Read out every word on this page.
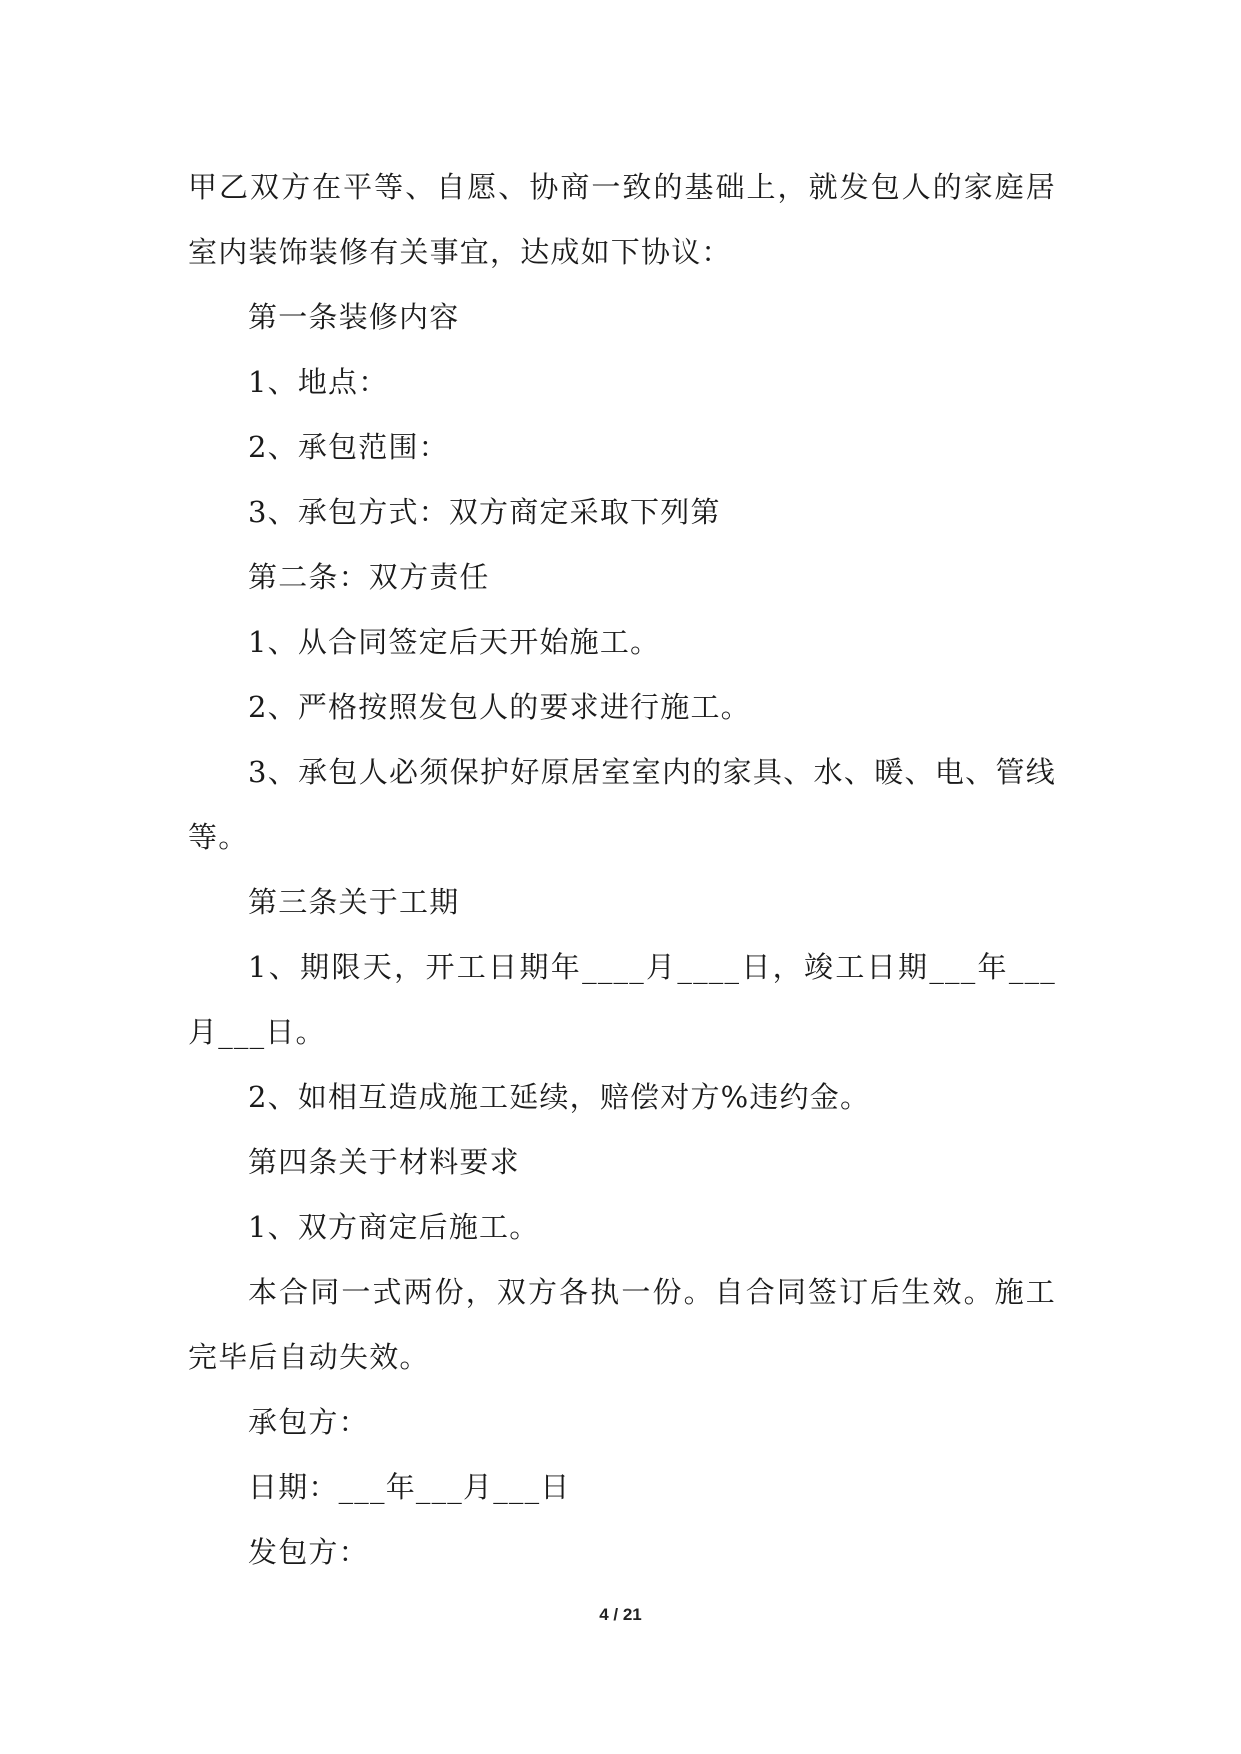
甲乙双方在平等、自愿、协商一致的基础上，就发包人的家庭居室内装饰装修有关事宜，达成如下协议：

第一条装修内容

1、地点：

2、承包范围：

3、承包方式：双方商定采取下列第

第二条：双方责任

1、从合同签定后天开始施工。

2、严格按照发包人的要求进行施工。

3、承包人必须保护好原居室室内的家具、水、暖、电、管线等。

第三条关于工期

1、期限天，开工日期年____月____日，竣工日期___年___月___日。

2、如相互造成施工延续，赔偿对方%违约金。

第四条关于材料要求

1、双方商定后施工。

本合同一式两份，双方各执一份。自合同签订后生效。施工完毕后自动失效。

承包方：

日期：___年___月___日

发包方：

4 / 21
